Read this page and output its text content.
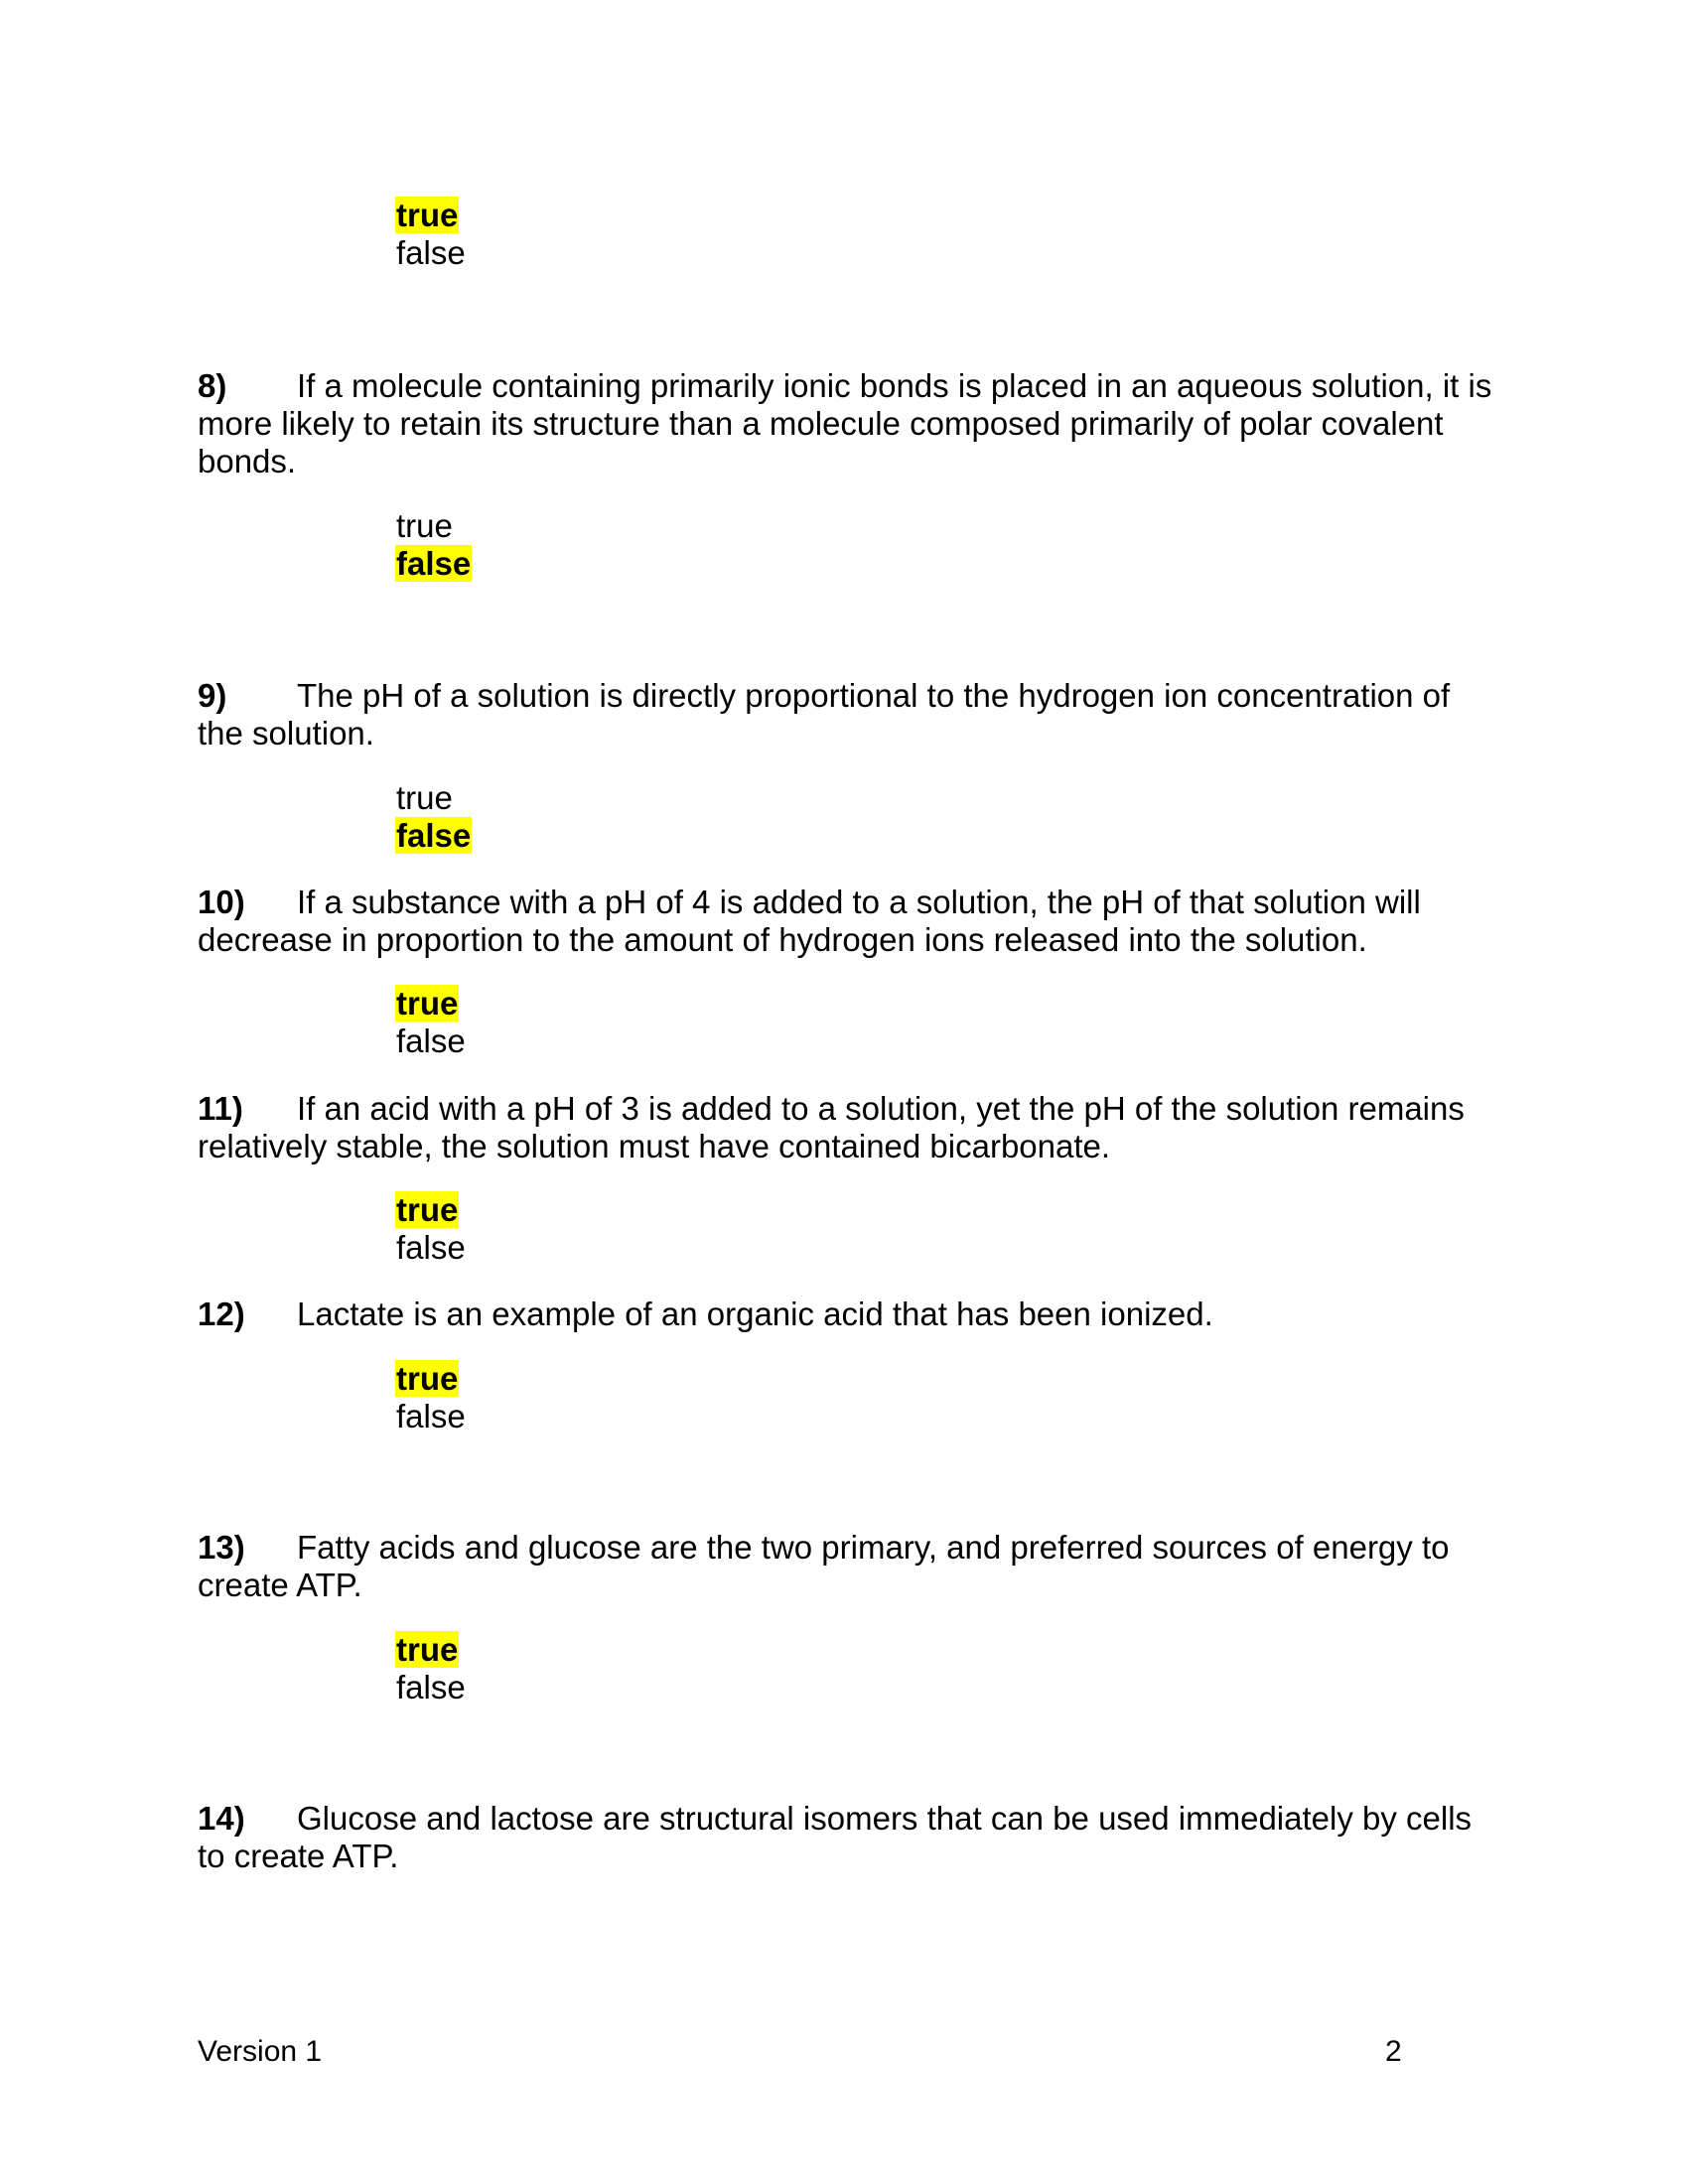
true
false
8) If a molecule containing primarily ionic bonds is placed in an aqueous solution, it is more likely to retain its structure than a molecule composed primarily of polar covalent bonds.
true
false
9) The pH of a solution is directly proportional to the hydrogen ion concentration of the solution.
true
false
10) If a substance with a pH of 4 is added to a solution, the pH of that solution will decrease in proportion to the amount of hydrogen ions released into the solution.
true
false
11) If an acid with a pH of 3 is added to a solution, yet the pH of the solution remains relatively stable, the solution must have contained bicarbonate.
true
false
12) Lactate is an example of an organic acid that has been ionized.
true
false
13) Fatty acids and glucose are the two primary, and preferred sources of energy to create ATP.
true
false
14) Glucose and lactose are structural isomers that can be used immediately by cells to create ATP.
Version 1	2
